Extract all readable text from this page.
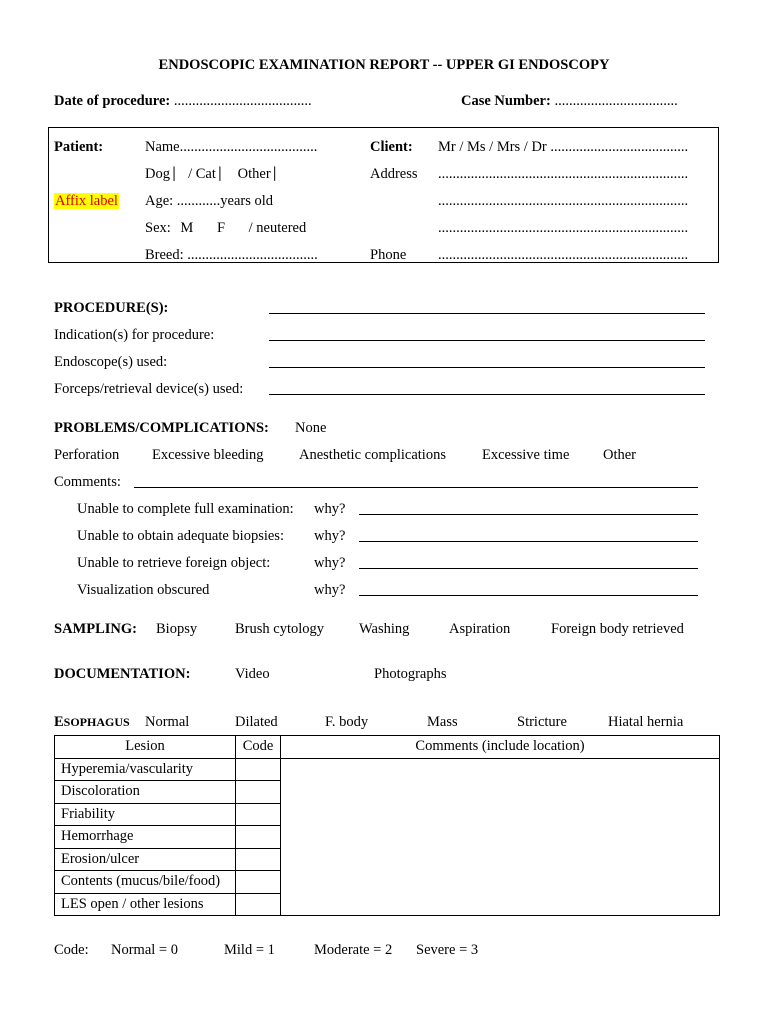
ENDOSCOPIC EXAMINATION REPORT -- UPPER GI ENDOSCOPY
Date of procedure: ......................................	Case Number: ..................................
Patient:
Affix label
Name......................................
Dog ⎸/ Cat ⎸ Other ⎸
Age: ............years old
Sex: M F / neutered
Breed: ....................................
Client: Mr / Ms / Mrs / Dr ......................................
Address .....................................................................
.....................................................................
.....................................................................
Phone .....................................................................
PROCEDURE(S):
Indication(s) for procedure:
Endoscope(s) used:
Forceps/retrieval device(s) used:
PROBLEMS/COMPLICATIONS: None
Perforation Excessive bleeding Anesthetic complications Excessive time Other
Comments:
Unable to complete full examination: why?
Unable to obtain adequate biopsies: why?
Unable to retrieve foreign object:	why?
Visualization obscured	why?
SAMPLING: Biopsy	Brush cytology Washing	Aspiration	Foreign body retrieved
DOCUMENTATION:	Video	Photographs
ESOPHAGUS Normal	Dilated	F. body	Mass	Stricture	Hiatal hernia
Lesion	Code	Comments (include location)
Hyperemia/vascularity		
Discoloration		
Friability		
Hemorrhage		
Erosion/ulcer		
Contents (mucus/bile/food)		
LES open / other lesions		
Code: Normal = 0	Mild = 1	Moderate = 2 Severe = 3
